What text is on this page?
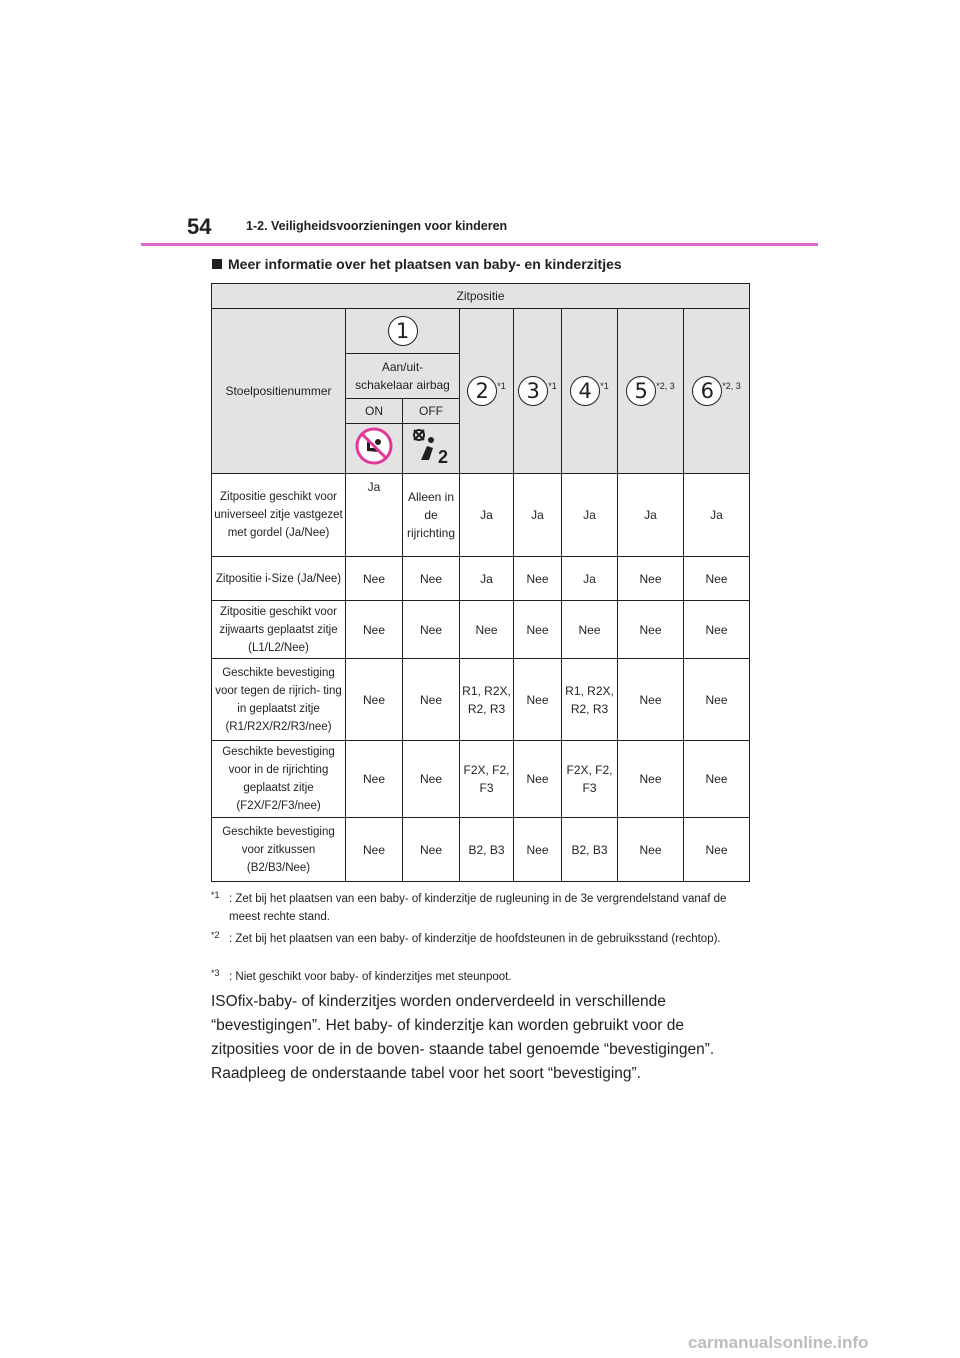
54	1-2. Veiligheidsvoorzieningen voor kinderen
Meer informatie over het plaatsen van baby- en kinderzitjes
Zitpositie							
Stoelpositienummer	1		2 $^{*1}$	3 $^{*1}$	4 $^{*1}$	5 $^{*2, 3}$	6 $^{*2, 3}$
	Aan/uit-
schakelaar airbag						
	ON	OFF					

2					

Zitpositie geschikt voor universeel zitje vastgezet met gordel (Ja/Nee)	Ja	Alleen in de rijrichting	Ja	Ja	Ja	Ja	Ja
Zitpositie i-Size (Ja/Nee)	Nee	Nee	Ja	Nee	Ja	Nee	Nee
Zitpositie geschikt voor zijwaarts geplaatst zitje (L1/L2/Nee)	Nee	Nee	Nee	Nee	Nee	Nee	Nee
Geschikte bevestiging voor tegen de rijrich- ting in geplaatst zitje (R1/R2X/R2/R3/nee)	Nee	Nee	R1, R2X, R2, R3	Nee	R1, R2X, R2, R3	Nee	Nee
Geschikte bevestiging voor in de rijrichting geplaatst zitje (F2X/F2/F3/nee)	Nee	Nee	F2X, F2, F3	Nee	F2X, F2, F3	Nee	Nee
Geschikte bevestiging voor zitkussen (B2/B3/Nee)	Nee	Nee	B2, B3	Nee	B2, B3	Nee	Nee
*1 : Zet bij het plaatsen van een baby- of kinderzitje de rugleuning in de 3e vergrendelstand vanaf de meest rechte stand.
*2 : Zet bij het plaatsen van een baby- of kinderzitje de hoofdsteunen in de gebruiksstand (rechtop).
*3 : Niet geschikt voor baby- of kinderzitjes met steunpoot.
ISOfix-baby- of kinderzitjes worden onderverdeeld in verschillende “bevestigingen”. Het baby- of kinderzitje kan worden gebruikt voor de zitposities voor de in de boven- staande tabel genoemde “bevestigingen”. Raadpleeg de onderstaande tabel voor het soort “bevestiging”.
carmanualsonline.info
